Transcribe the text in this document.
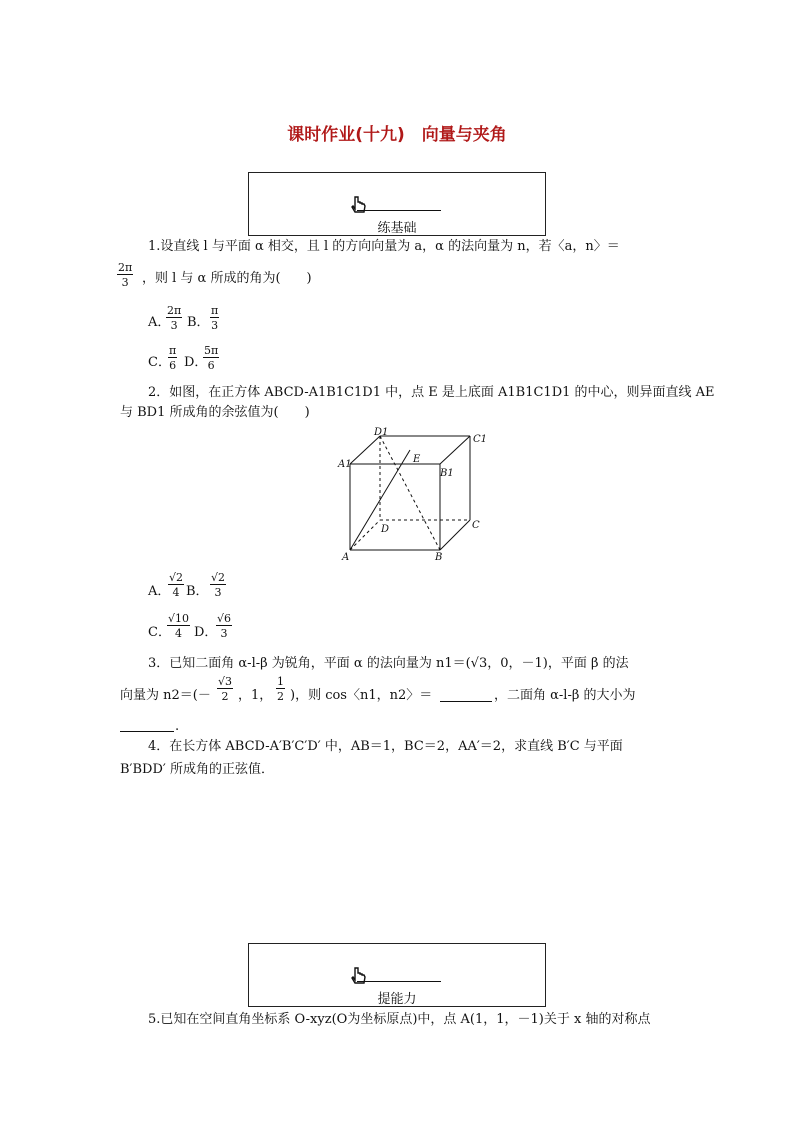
课时作业(十九)　向量与夹角
练基础
1.设直线 l 与平面 α 相交，且 l 的方向向量为 a，α 的法向量为 n，若〈a，n〉＝
$\frac{2\pi}{3}$ ，则 l 与 α 所成的角为(　　)
A．
$\frac{2\pi}{3}$ B． $\frac{\pi}{3}$
C．
$\frac{\pi}{6}$ D．
$\frac{5\pi}{6}$
2．如图，在正方体 ABCD-A1B1C1D1 中，点 E 是上底面 A1B1C1D1 的中心，则异面直线 AE
与 BD1 所成角的余弦值为(　　)
D1
C1
A1	E
B1
D	C
A	B
A．
$\frac{√2}{4}$ B． $\frac{√2}{3}$
C．
$\frac{√10}{4}$ D．
$\frac{√6}{3}$
3．已知二面角 α-l-β 为锐角，平面 α 的法向量为 n1＝(√3，0，－1)，平面 β 的法
向量为 $n2=(- \frac{√3}{2}$ ，1， $\frac{1}{2}$ )，则 cos〈n1，n2〉＝	，二面角 α-l-β 的大小为
.
4．在长方体 ABCD-A′B′C′D′ 中，AB＝1，BC＝2，AA′＝2，求直线 B′C 与平面
B′BDD′ 所成角的正弦值．
提能力
5.已知在空间直角坐标系 O-xyz(O为坐标原点)中，点 A(1，1，－1)关于 x 轴的对称点
